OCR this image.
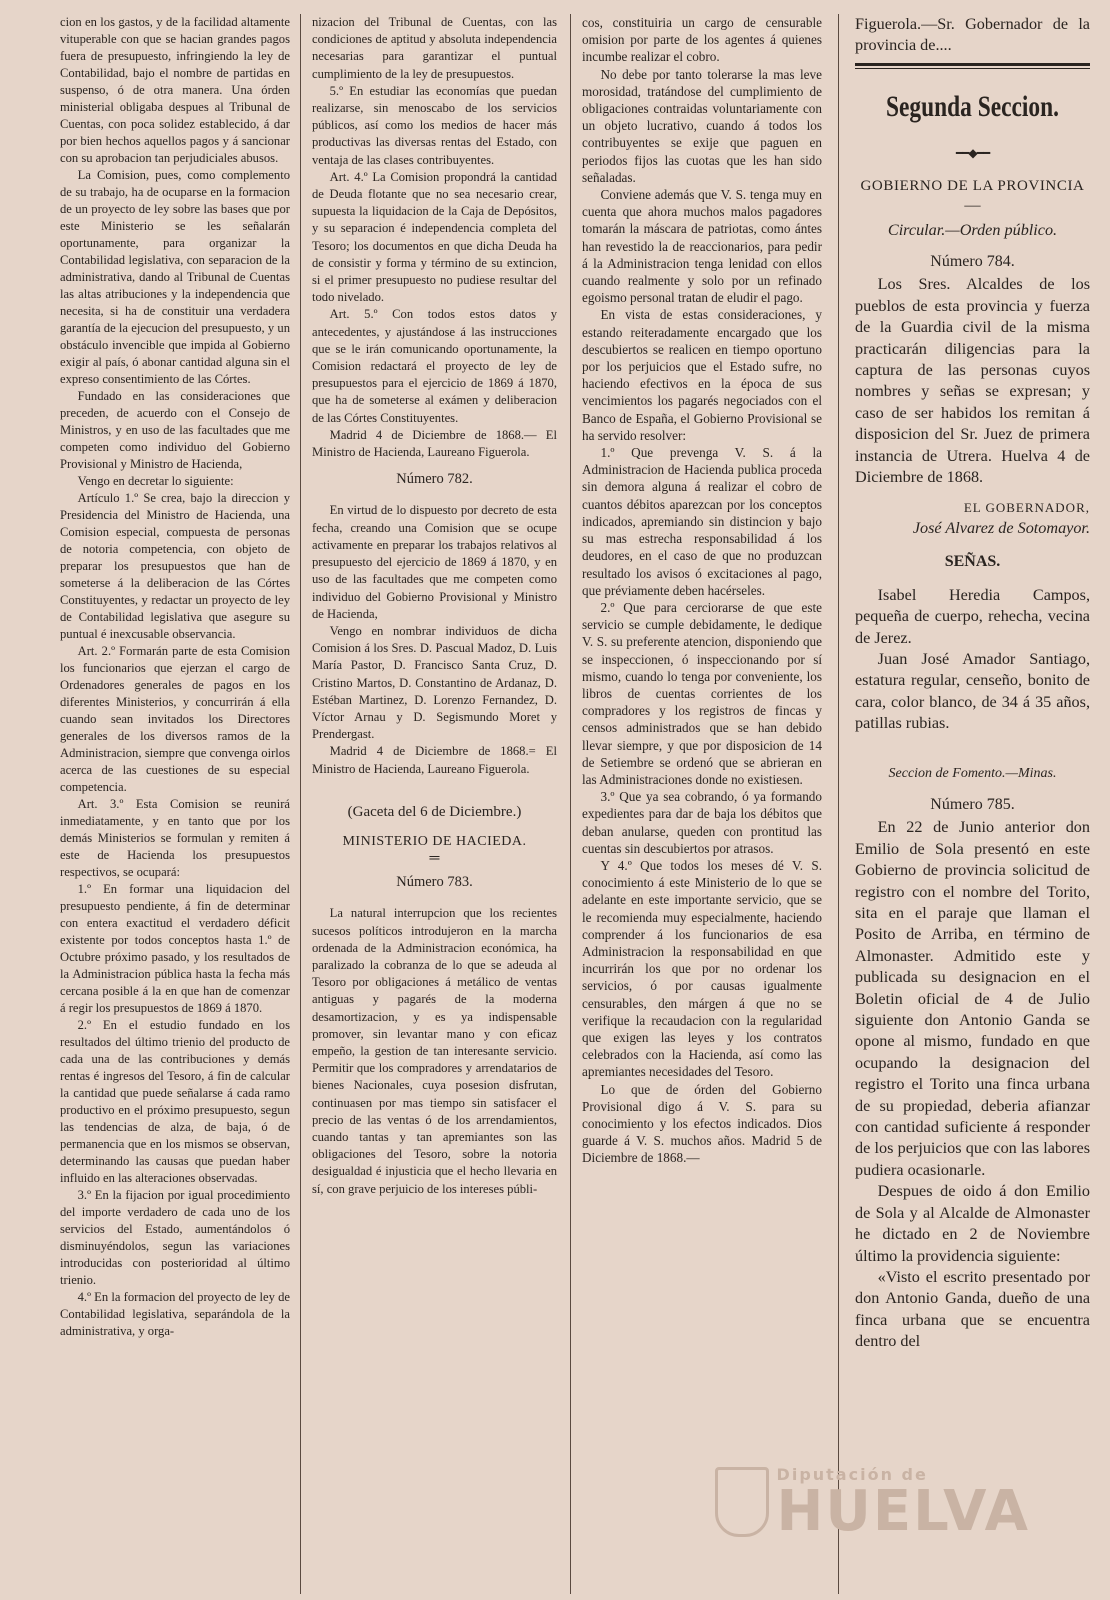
cion en los gastos, y de la facilidad altamente vituperable con que se hacian grandes pagos fuera de presupuesto, infringiendo la ley de Contabilidad, bajo el nombre de partidas en suspenso, ó de otra manera. Una órden ministerial obligaba despues al Tribunal de Cuentas, con poca solidez establecido, á dar por bien hechos aquellos pagos y á sancionar con su aprobacion tan perjudiciales abusos.

La Comision, pues, como complemento de su trabajo, ha de ocuparse en la formacion de un proyecto de ley sobre las bases que por este Ministerio se les señalarán oportunamente, para organizar la Contabilidad legislativa, con separacion de la administrativa, dando al Tribunal de Cuentas las altas atribuciones y la independencia que necesita, si ha de constituir una verdadera garantía de la ejecucion del presupuesto, y un obstáculo invencible que impida al Gobierno exigir al país, ó abonar cantidad alguna sin el expreso consentimiento de las Córtes.

Fundado en las consideraciones que preceden, de acuerdo con el Consejo de Ministros, y en uso de las facultades que me competen como individuo del Gobierno Provisional y Ministro de Hacienda,

Vengo en decretar lo siguiente:

Artículo 1.º Se crea, bajo la direccion y Presidencia del Ministro de Hacienda, una Comision especial, compuesta de personas de notoria competencia, con objeto de preparar los presupuestos que han de someterse á la deliberacion de las Córtes Constituyentes, y redactar un proyecto de ley de Contabilidad legislativa que asegure su puntual é inexcusable observancia.

Art. 2.º Formarán parte de esta Comision los funcionarios que ejerzan el cargo de Ordenadores generales de pagos en los diferentes Ministerios, y concurrirán á ella cuando sean invitados los Directores generales de los diversos ramos de la Administracion, siempre que convenga oirlos acerca de las cuestiones de su especial competencia.

Art. 3.º Esta Comision se reunirá inmediatamente, y en tanto que por los demás Ministerios se formulan y remiten á este de Hacienda los presupuestos respectivos, se ocupará:

1.º En formar una liquidacion del presupuesto pendiente, á fin de determinar con entera exactitud el verdadero déficit existente por todos conceptos hasta 1.º de Octubre próximo pasado, y los resultados de la Administracion pública hasta la fecha más cercana posible á la en que han de comenzar á regir los presupuestos de 1869 á 1870.

2.º En el estudio fundado en los resultados del último trienio del producto de cada una de las contribuciones y demás rentas é ingresos del Tesoro, á fin de calcular la cantidad que puede señalarse á cada ramo productivo en el próximo presupuesto, segun las tendencias de alza, de baja, ó de permanencia que en los mismos se observan, determinando las causas que puedan haber influido en las alteraciones observadas.

3.º En la fijacion por igual procedimiento del importe verdadero de cada uno de los servicios del Estado, aumentándolos ó disminuyéndolos, segun las variaciones introducidas con posterioridad al último trienio.

4.º En la formacion del proyecto de ley de Contabilidad legislativa, separándola de la administrativa, y orga-

nizacion del Tribunal de Cuentas, con las condiciones de aptitud y absoluta independencia necesarias para garantizar el puntual cumplimiento de la ley de presupuestos.

5.º En estudiar las economías que puedan realizarse, sin menoscabo de los servicios públicos, así como los medios de hacer más productivas las diversas rentas del Estado, con ventaja de las clases contribuyentes.

Art. 4.º La Comision propondrá la cantidad de Deuda flotante que no sea necesario crear, supuesta la liquidacion de la Caja de Depósitos, y su separacion é independencia completa del Tesoro; los documentos en que dicha Deuda ha de consistir y forma y término de su extincion, si el primer presupuesto no pudiese resultar del todo nivelado.

Art. 5.º Con todos estos datos y antecedentes, y ajustándose á las instrucciones que se le irán comunicando oportunamente, la Comision redactará el proyecto de ley de presupuestos para el ejercicio de 1869 á 1870, que ha de someterse al exámen y deliberacion de las Córtes Constituyentes.

Madrid 4 de Diciembre de 1868.— El Ministro de Hacienda, Laureano Figuerola.

Número 782.

En virtud de lo dispuesto por decreto de esta fecha, creando una Comision que se ocupe activamente en preparar los trabajos relativos al presupuesto del ejercicio de 1869 á 1870, y en uso de las facultades que me competen como individuo del Gobierno Provisional y Ministro de Hacienda,

Vengo en nombrar individuos de dicha Comision á los Sres. D. Pascual Madoz, D. Luis María Pastor, D. Francisco Santa Cruz, D. Cristino Martos, D. Constantino de Ardanaz, D. Estéban Martinez, D. Lorenzo Fernandez, D. Víctor Arnau y D. Segismundo Moret y Prendergast.

Madrid 4 de Diciembre de 1868.= El Ministro de Hacienda, Laureano Figuerola.

(Gaceta del 6 de Diciembre.)

MINISTERIO DE HACIEDA.

═

Número 783.

La natural interrupcion que los recientes sucesos políticos introdujeron en la marcha ordenada de la Administracion económica, ha paralizado la cobranza de lo que se adeuda al Tesoro por obligaciones á metálico de ventas antiguas y pagarés de la moderna desamortizacion, y es ya indispensable promover, sin levantar mano y con eficaz empeño, la gestion de tan interesante servicio. Permitir que los compradores y arrendatarios de bienes Nacionales, cuya posesion disfrutan, continuasen por mas tiempo sin satisfacer el precio de las ventas ó de los arrendamientos, cuando tantas y tan apremiantes son las obligaciones del Tesoro, sobre la notoria desigualdad é injusticia que el hecho llevaria en sí, con grave perjuicio de los intereses públi-

cos, constituiria un cargo de censurable omision por parte de los agentes á quienes incumbe realizar el cobro.

No debe por tanto tolerarse la mas leve morosidad, tratándose del cumplimiento de obligaciones contraidas voluntariamente con un objeto lucrativo, cuando á todos los contribuyentes se exije que paguen en periodos fijos las cuotas que les han sido señaladas.

Conviene además que V. S. tenga muy en cuenta que ahora muchos malos pagadores tomarán la máscara de patriotas, como ántes han revestido la de reaccionarios, para pedir á la Administracion tenga lenidad con ellos cuando realmente y solo por un refinado egoismo personal tratan de eludir el pago.

En vista de estas consideraciones, y estando reiteradamente encargado que los descubiertos se realicen en tiempo oportuno por los perjuicios que el Estado sufre, no haciendo efectivos en la época de sus vencimientos los pagarés negociados con el Banco de España, el Gobierno Provisional se ha servido resolver:

1.º Que prevenga V. S. á la Administracion de Hacienda publica proceda sin demora alguna á realizar el cobro de cuantos débitos aparezcan por los conceptos indicados, apremiando sin distincion y bajo su mas estrecha responsabilidad á los deudores, en el caso de que no produzcan resultado los avisos ó excitaciones al pago, que préviamente deben hacérseles.

2.º Que para cerciorarse de que este servicio se cumple debidamente, le dedique V. S. su preferente atencion, disponiendo que se inspeccionen, ó inspeccionando por sí mismo, cuando lo tenga por conveniente, los libros de cuentas corrientes de los compradores y los registros de fincas y censos administrados que se han debido llevar siempre, y que por disposicion de 14 de Setiembre se ordenó que se abrieran en las Administraciones donde no existiesen.

3.º Que ya sea cobrando, ó ya formando expedientes para dar de baja los débitos que deban anularse, queden con prontitud las cuentas sin descubiertos por atrasos.

Y 4.º Que todos los meses dé V. S. conocimiento á este Ministerio de lo que se adelante en este importante servicio, que se le recomienda muy especialmente, haciendo comprender á los funcionarios de esa Administracion la responsabilidad en que incurrirán los que por no ordenar los servicios, ó por causas igualmente censurables, den márgen á que no se verifique la recaudacion con la regularidad que exigen las leyes y los contratos celebrados con la Hacienda, así como las apremiantes necesidades del Tesoro.

Lo que de órden del Gobierno Provisional digo á V. S. para su conocimiento y los efectos indicados. Dios guarde á V. S. muchos años. Madrid 5 de Diciembre de 1868.—

Figuerola.—Sr. Gobernador de la provincia de....

Segunda Seccion.
━━◆━━

GOBIERNO DE LA PROVINCIA

—

Circular.—Orden público.

Número 784.

Los Sres. Alcaldes de los pueblos de esta provincia y fuerza de la Guardia civil de la misma practicarán diligencias para la captura de las personas cuyos nombres y señas se expresan; y caso de ser habidos los remitan á disposicion del Sr. Juez de primera instancia de Utrera. Huelva 4 de Diciembre de 1868.

EL GOBERNADOR,

José Alvarez de Sotomayor.

SEÑAS.

Isabel Heredia Campos, pequeña de cuerpo, rehecha, vecina de Jerez.

Juan José Amador Santiago, estatura regular, censeño, bonito de cara, color blanco, de 34 á 35 años, patillas rubias.

Seccion de Fomento.—Minas.

Número 785.

En 22 de Junio anterior don Emilio de Sola presentó en este Gobierno de provincia solicitud de registro con el nombre del Torito, sita en el paraje que llaman el Posito de Arriba, en término de Almonaster. Admitido este y publicada su designacion en el Boletin oficial de 4 de Julio siguiente don Antonio Ganda se opone al mismo, fundado en que ocupando la designacion del registro el Torito una finca urbana de su propiedad, deberia afianzar con cantidad suficiente á responder de los perjuicios que con las labores pudiera ocasionarle.

Despues de oido á don Emilio de Sola y al Alcalde de Almonaster he dictado en 2 de Noviembre último la providencia siguiente:

«Visto el escrito presentado por don Antonio Ganda, dueño de una finca urbana que se encuentra dentro del

Diputación de
HUELVA
